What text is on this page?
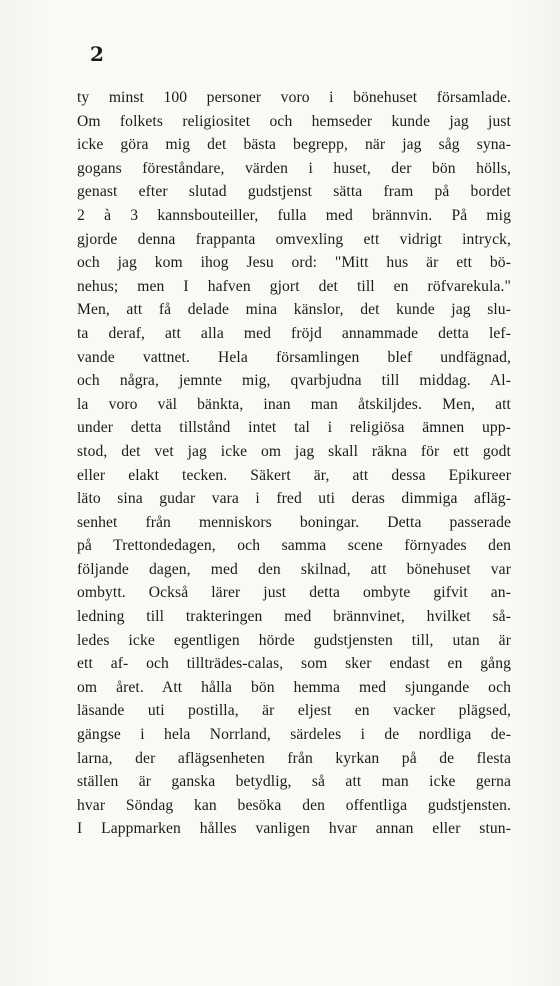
2
ty minst 100 personer voro i bönehuset församlade.
Om folkets religiositet och hemseder kunde jag just
icke göra mig det bästa begrepp, när jag såg syna-
gogans föreståndare, värden i huset, der bön hölls,
genast efter slutad gudstjenst sätta fram på bordet
2 à 3 kannsbouteiller, fulla med brännvin. På mig
gjorde denna frappanta omvexling ett vidrigt intryck,
och jag kom ihog Jesu ord: "Mitt hus är ett bö-
nehus; men I hafven gjort det till en röfvarekula."
Men, att få delade mina känslor, det kunde jag slu-
ta deraf, att alla med fröjd annammade detta lef-
vande vattnet. Hela församlingen blef undfägnad,
och några, jemnte mig, qvarbjudna till middag. Al-
la voro väl bänkta, inan man åtskiljdes. Men, att
under detta tillstånd intet tal i religiösa ämnen upp-
stod, det vet jag icke om jag skall räkna för ett godt
eller elakt tecken. Säkert är, att dessa Epikureer
läto sina gudar vara i fred uti deras dimmiga afläg-
senhet från menniskors boningar. Detta passerade
på Trettondedagen, och samma scene förnyades den
följande dagen, med den skilnad, att bönehuset var
ombytt. Också lärer just detta ombyte gifvit an-
ledning till trakteringen med brännvinet, hvilket så-
ledes icke egentligen hörde gudstjensten till, utan är
ett af- och tillträdes-calas, som sker endast en gång
om året. Att hålla bön hemma med sjungande och
läsande uti postilla, är eljest en vacker plägsed,
gängse i hela Norrland, särdeles i de nordliga de-
larna, der aflägsenheten från kyrkan på de flesta
ställen är ganska betydlig, så att man icke gerna
hvar Söndag kan besöka den offentliga gudstjensten.
I Lappmarken hålles vanligen hvar annan eller stun-
